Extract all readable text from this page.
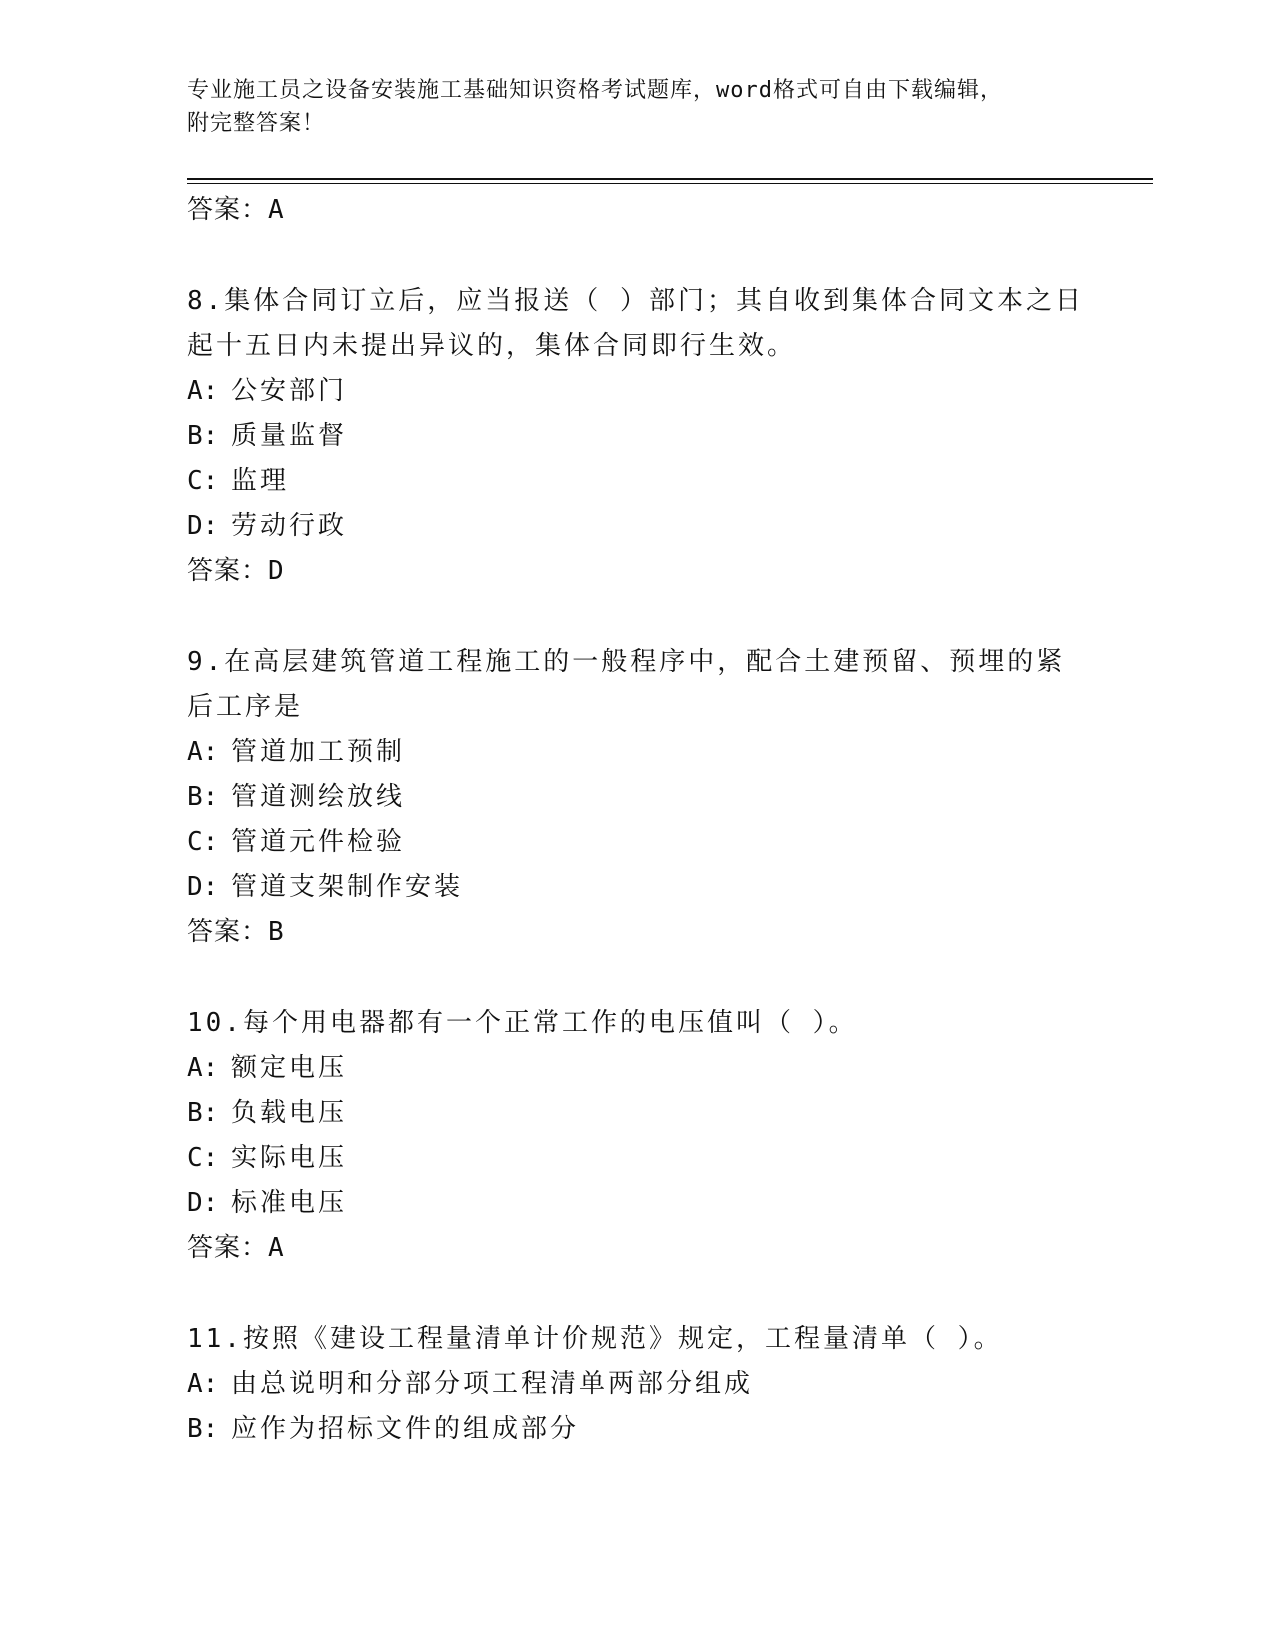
专业施工员之设备安装施工基础知识资格考试题库，word格式可自由下载编辑，
附完整答案！
答案：A
8.集体合同订立后，应当报送（ ）部门；其自收到集体合同文本之日
起十五日内未提出异议的，集体合同即行生效。
A: 公安部门
B: 质量监督
C: 监理
D: 劳动行政
答案：D
9.在高层建筑管道工程施工的一般程序中，配合土建预留、预埋的紧
后工序是
A: 管道加工预制
B: 管道测绘放线
C: 管道元件检验
D: 管道支架制作安装
答案：B
10.每个用电器都有一个正常工作的电压值叫（ ）。
A: 额定电压
B: 负载电压
C: 实际电压
D: 标准电压
答案：A
11.按照《建设工程量清单计价规范》规定，工程量清单（ ）。
A: 由总说明和分部分项工程清单两部分组成
B: 应作为招标文件的组成部分
